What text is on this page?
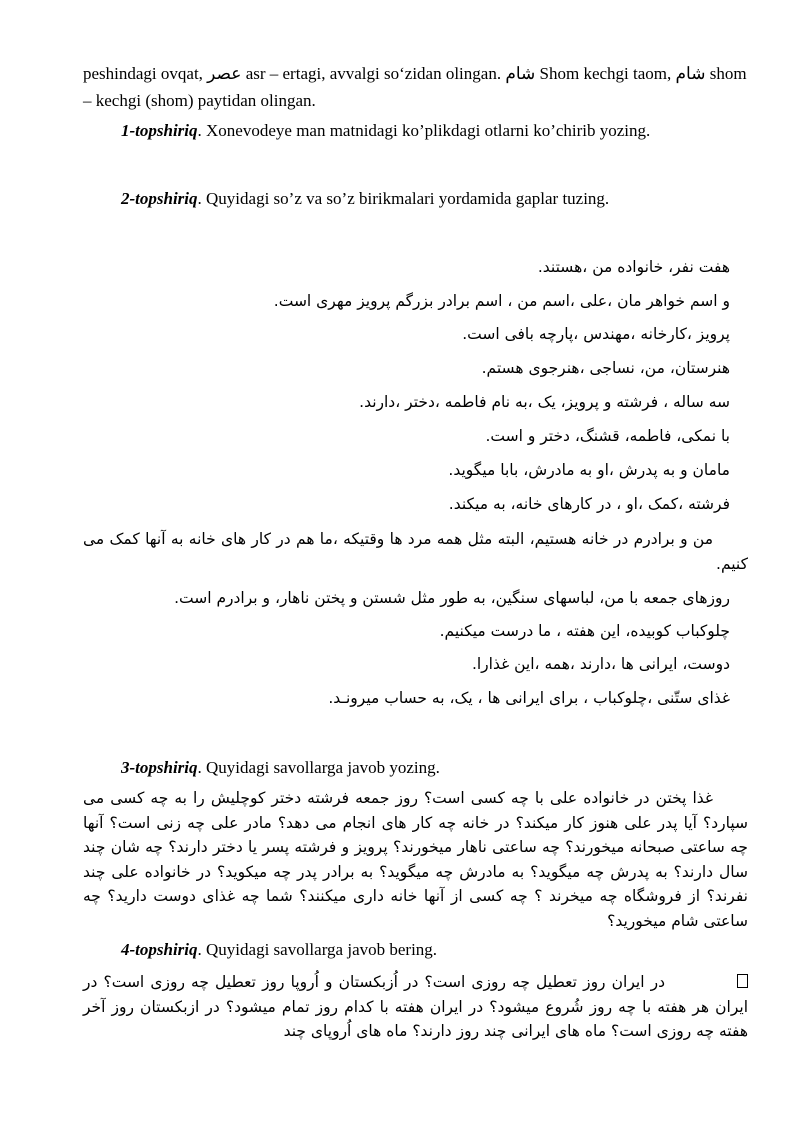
peshindagi ovqat, عصر asr – ertagi, avvalgi so‘zidan olingan. شام Shom kechgi taom, شام shom – kechgi (shom) paytidan olingan.

1-topshiriq. Xonevodeye man matnidagi ko’plikdagi otlarni ko’chirib yozing.

2-topshiriq. Quyidagi so’z va so’z birikmalari yordamida gaplar tuzing.

هفت نفر، خانواده من ،هستند.

و اسم خواهر مان ،علی ،اسم من ، اسم برادر بزرگم پرویز مهری است.

پرویز ،کارخانه ،مهندس ،پارچه بافی است.

هنرستان، من، نساجی ،هنرجوی هستم.

سه ساله ، فرشته و پرویز، یک ،به نام فاطمه ،دختر ،دارند.

با نمکی، فاطمه، قشنگ، دختر و است.

مامان و به پدرش ،او به مادرش، بابا میگوید.

فرشته ،کمک ،او ، در کارهای خانه، به میکند.

من و برادرم در خانه هستیم، البته مثل همه مرد ها وقتیکه ،ما هم در کار های خانه به آنها کمک می کنیم.

روزهای جمعه با من، لباسهای سنگین، به طور مثل شستن و پختن ناهار، و برادرم است.

چلوکباب کوبیده، این هفته ، ما درست میکنیم.

دوست، ایرانی ها ،دارند ،همه ،این غذارا.

غذای ستّنی ،چلوکباب ، برای ایرانی ها ، یک، به حساب میرونـد.

3-topshiriq. Quyidagi savollarga javob yozing.

غذا پختن در خانواده علی با چه کسی است؟ روز جمعه فرشته دختر کوچلیش را به چه کسی می سپارد؟ آیا پدر علی هنوز کار میکند؟ در خانه چه کار های انجام می دهد؟ مادر علی چه زنی است؟ آنها چه ساعتی صبحانه میخورند؟ چه ساعتی ناهار میخورند؟ پرویز و فرشته پسر یا دختر دارند؟ چه شان چند سال دارند؟ به پدرش چه میگوید؟ به مادرش چه میگوید؟ به برادر پدر چه میکوید؟ در خانواده علی چند نفرند؟ از فروشگاه چه میخرند ؟ چه کسی از آنها خانه داری میکنند؟ شما چه غذای دوست دارید؟ چه ساعتی شام میخورید؟

4-topshiriq. Quyidagi savollarga javob bering.

در ایران روز تعطیل چه روزی است؟ در اُزبکستان و اُروپا روز تعطیل چه روزی است؟ در ایران هر هفته با چه روز شُروع میشود؟ در ایران هفته با کدام روز تمام میشود؟ در ازبکستان روز آخر هفته چه روزی است؟ ماه های ایرانی چند روز دارند؟ ماه های اُروپای چند
